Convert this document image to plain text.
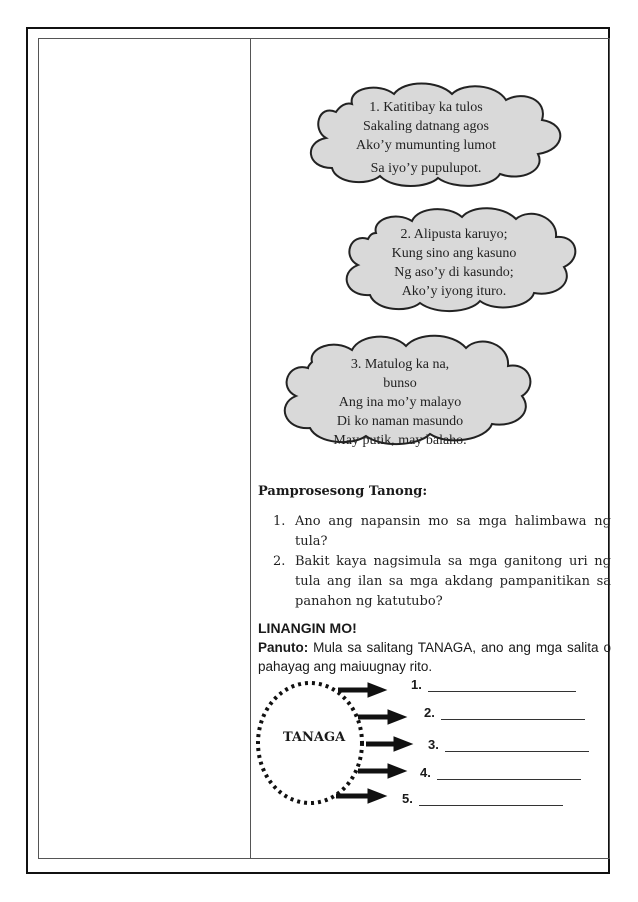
1. Katitibay ka tulos
Sakaling datnang agos
Ako’y mumunting lumot
Sa iyo’y pupulupot.
2. Alipusta karuyo;
Kung sino ang kasuno
Ng aso’y di kasundo;
Ako’y iyong ituro.
3. Matulog ka na,
bunso
Ang ina mo’y malayo
Di ko naman masundo
May putik, may balaho.
Pamprosesong Tanong:
1. Ano ang napansin mo sa mga halimbawa ng tula?
2. Bakit kaya nagsimula sa mga ganitong uri ng tula ang ilan sa mga akdang pampanitikan sa panahon ng katutubo?
LINANGIN MO!
Panuto: Mula sa salitang TANAGA, ano ang mga salita o pahayag ang maiuugnay rito.
TANAGA
1.
2.
3.
4.
5.
